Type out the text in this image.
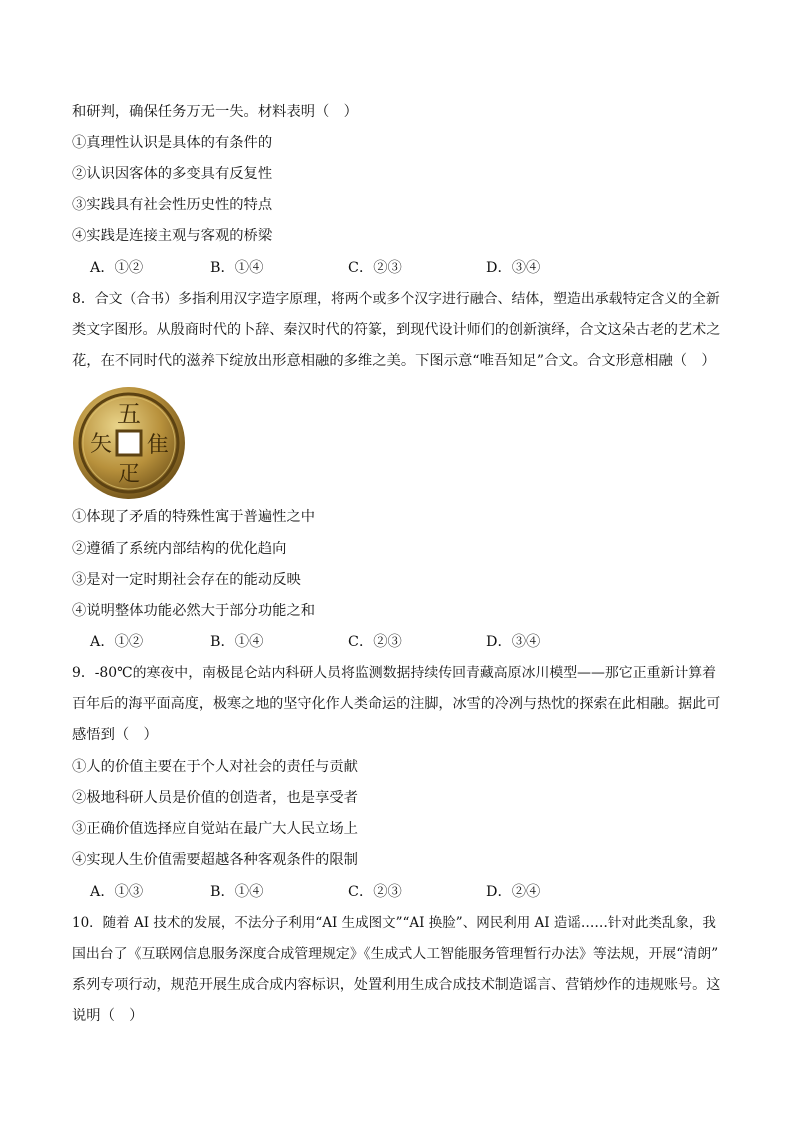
和研判，确保任务万无一失。材料表明（　）
①真理性认识是具体的有条件的
②认识因客体的多变具有反复性
③实践具有社会性历史性的特点
④实践是连接主观与客观的桥梁
A．①②	B．①④	C．②③	D．③④
8．合文（合书）多指利用汉字造字原理，将两个或多个汉字进行融合、结体，塑造出承载特定含义的全新
类文字图形。从殷商时代的卜辞、秦汉时代的符篆，到现代设计师们的创新演绎，合文这朵古老的艺术之
花，在不同时代的滋养下绽放出形意相融的多维之美。下图示意“唯吾知足”合文。合文形意相融（　）
五
矢 隹
疋
①体现了矛盾的特殊性寓于普遍性之中
②遵循了系统内部结构的优化趋向
③是对一定时期社会存在的能动反映
④说明整体功能必然大于部分功能之和
A．①②	B．①④	C．②③	D．③④
9．-80℃的寒夜中，南极昆仑站内科研人员将监测数据持续传回青藏高原冰川模型——那它正重新计算着
百年后的海平面高度，极寒之地的坚守化作人类命运的注脚，冰雪的冷冽与热忱的探索在此相融。据此可
感悟到（　）
①人的价值主要在于个人对社会的责任与贡献
②极地科研人员是价值的创造者，也是享受者
③正确价值选择应自觉站在最广大人民立场上
④实现人生价值需要超越各种客观条件的限制
A．①③	B．①④	C．②③	D．②④
10．随着 AI 技术的发展，不法分子利用“AI 生成图文”“AI 换脸”、网民利用 AI 造谣……针对此类乱象，我
国出台了《互联网信息服务深度合成管理规定》《生成式人工智能服务管理暂行办法》等法规，开展“清朗”
系列专项行动，规范开展生成合成内容标识，处置利用生成合成技术制造谣言、营销炒作的违规账号。这
说明（　）
